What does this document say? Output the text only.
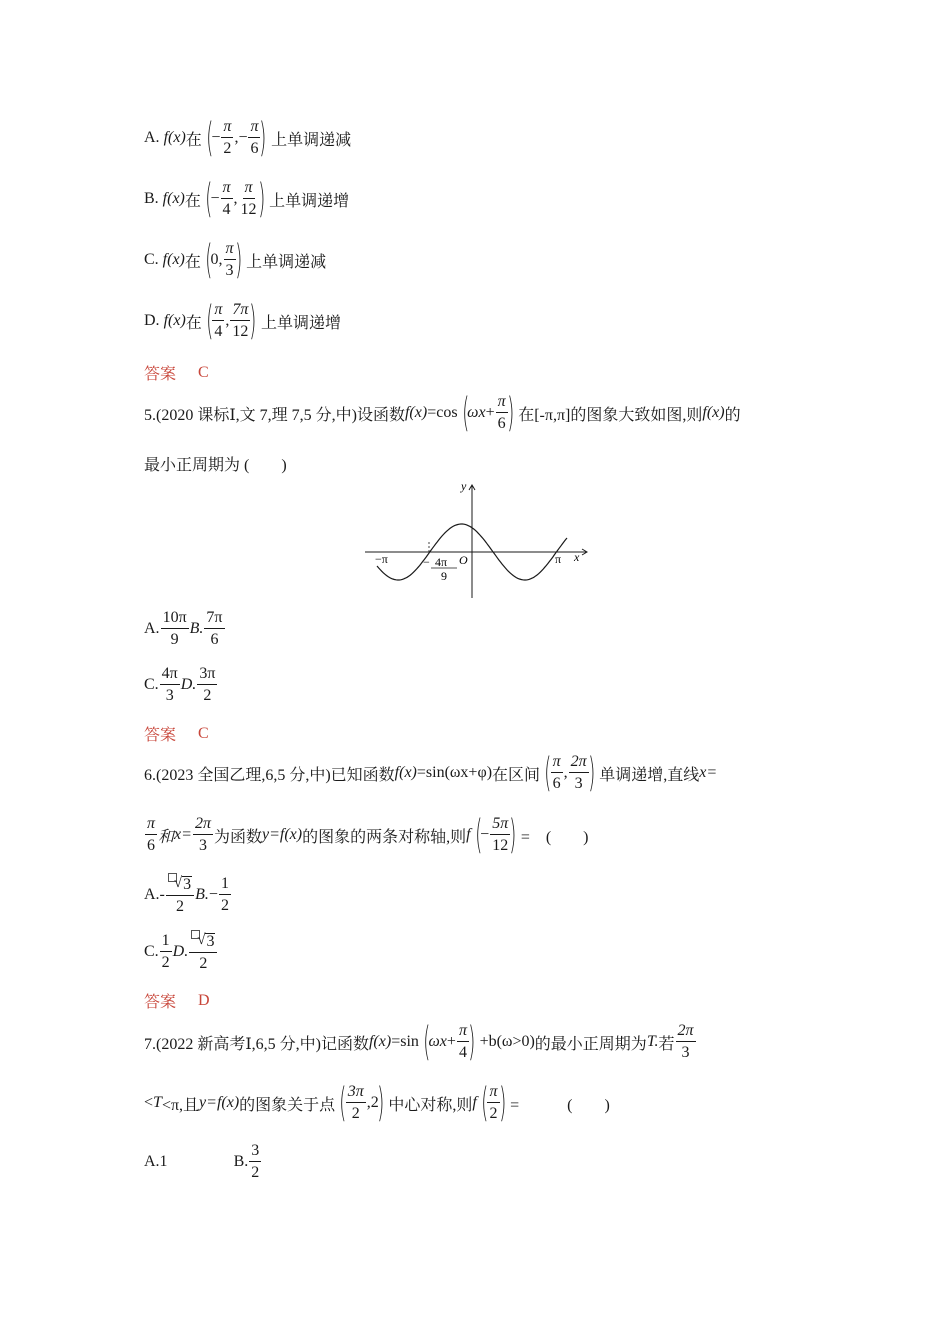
A. f(x) 在 (
− $\frac{\pi}{2}$ ,− $\frac{\pi}{6}$ ) 上单调递减
B. f(x) 在 (
− $\frac{\pi}{4}$ , $\frac{\pi}{12}$ ) 上单调递增
C. f(x) 在 (
0 , $\frac{\pi}{3}$ ) 上单调递减
D. f(x) 在 ( $\frac{\pi}{4}$ , $\frac{7\pi}{12}$ ) 上单调递增
答案 C
5.(2020 课标Ⅰ,文 7,理 7,5 分,中)设函数 f(x) =cos (
$\omega x + \frac{\pi}{6}$ ) 在[-π,π]的图象大致如图,则 f(x) 的
最小正周期为 (　　)
y
x
−π	π
O
− 4π
9
A. $\frac{10\pi}{9} B$. $\frac{7\pi}{6}$
C. $\frac{4\pi}{3} D$. $\frac{3\pi}{2}$
答案 C
6.(2023 全国乙理,6,5 分,中)已知函数 f(x) =sin(ωx+φ) 在区间 ( $\frac{\pi}{6}$ , $\frac{2\pi}{3}$ ) 单调递增,直线 x=
$\frac{\pi}{6}$ 和 $x= \frac{2\pi}{3}$ 为函数 y=f(x) 的图象的两条对称轴,则 f (
− $\frac{5\pi}{12}$ ) =　(　　)
$A.- \frac{√ 3}{2} B$. − $\frac{1}{2}$
C. $\frac{1}{2} D$. $\frac{√ 3}{2}$
答案 D
7.(2022 新高考Ⅰ,6,5 分,中)记函数 f(x) =sin (
$\omega x + \frac{\pi}{4}$ ) +b(ω>0) 的最小正周期为 T. 若 $\frac{2\pi}{3}$
< T <π,且 y=f(x) 的图象关于点 ( $\frac{3\pi}{2}$ , 2
) 中心对称,则 f ( $\frac{\pi}{2}$ ) =　　　(　　)
A.1	B. $\frac{3}{2}$
